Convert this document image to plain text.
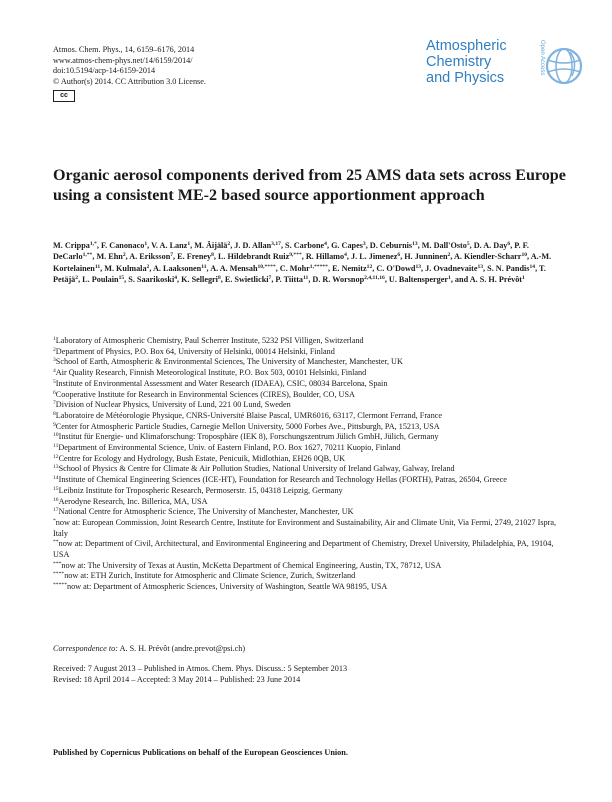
Atmos. Chem. Phys., 14, 6159–6176, 2014
www.atmos-chem-phys.net/14/6159/2014/
doi:10.5194/acp-14-6159-2014
© Author(s) 2014. CC Attribution 3.0 License.
cc
Atmospheric
Chemistry
and Physics
Open Access
Organic aerosol components derived from 25 AMS data sets across Europe using a consistent ME-2 based source apportionment approach
M. Crippa$^{1,*}$, F. Canonaco$^1$, V. A. Lanz$^1$, M. Äijälä$^2$, J. D. Allan$^{3,17}$, S. Carbone$^4$, G. Capes$^3$, D. Ceburnis$^{13}$, M. Dall'Osto$^5$, D. A. Day$^6$, P. F. DeCarlo$^{1,**}$, M. Ehn$^2$, A. Eriksson$^7$, E. Freney$^8$, L. Hildebrandt Ruiz$^{9,***}$, R. Hillamo$^4$, J. L. Jimenez$^6$, H. Junninen$^2$, A. Kiendler-Scharr$^{10}$, A.-M. Kortelainen$^{11}$, M. Kulmala$^2$, A. Laaksonen$^{11}$, A. A. Mensah$^{10,****}$, C. Mohr$^{1,*****}$, E. Nemitz$^{12}$, C. O'Dowd$^{13}$, J. Ovadnevaite$^{13}$, S. N. Pandis$^{14}$, T. Petäjä$^2$, L. Poulain$^{15}$, S. Saarikoski$^4$, K. Sellegri$^8$, E. Swietlicki$^7$, P. Tiitta$^{11}$, D. R. Worsnop$^{2,4,11,16}$, U. Baltensperger$^1$, and A. S. H. Prévôt$^1$
$^1$Laboratory of Atmospheric Chemistry, Paul Scherrer Institute, 5232 PSI Villigen, Switzerland
$^2$Department of Physics, P.O. Box 64, University of Helsinki, 00014 Helsinki, Finland
$^3$School of Earth, Atmospheric & Environmental Sciences, The University of Manchester, Manchester, UK
$^4$Air Quality Research, Finnish Meteorological Institute, P.O. Box 503, 00101 Helsinki, Finland
$^5$Institute of Environmental Assessment and Water Research (IDAEA), CSIC, 08034 Barcelona, Spain
$^6$Cooperative Institute for Research in Environmental Sciences (CIRES), Boulder, CO, USA
$^7$Division of Nuclear Physics, University of Lund, 221 00 Lund, Sweden
$^8$Laboratoire de Météorologie Physique, CNRS-Université Blaise Pascal, UMR6016, 63117, Clermont Ferrand, France
$^9$Center for Atmospheric Particle Studies, Carnegie Mellon University, 5000 Forbes Ave., Pittsburgh, PA, 15213, USA
$^{10}$Institut für Energie- und Klimaforschung: Troposphäre (IEK 8), Forschungszentrum Jülich GmbH, Jülich, Germany
$^{11}$Department of Environmental Science, Univ. of Eastern Finland, P.O. Box 1627, 70211 Kuopio, Finland
$^{12}$Centre for Ecology and Hydrology, Bush Estate, Penicuik, Midlothian, EH26 0QB, UK
$^{13}$School of Physics & Centre for Climate & Air Pollution Studies, National University of Ireland Galway, Galway, Ireland
$^{14}$Institute of Chemical Engineering Sciences (ICE-HT), Foundation for Research and Technology Hellas (FORTH), Patras, 26504, Greece
$^{15}$Leibniz Institute for Tropospheric Research, Permoserstr. 15, 04318 Leipzig, Germany
$^{16}$Aerodyne Research, Inc. Billerica, MA, USA
$^{17}$National Centre for Atmospheric Science, The University of Manchester, Manchester, UK
*now at: European Commission, Joint Research Centre, Institute for Environment and Sustainability, Air and Climate Unit, Via Fermi, 2749, 21027 Ispra, Italy
**now at: Department of Civil, Architectural, and Environmental Engineering and Department of Chemistry, Drexel University, Philadelphia, PA, 19104, USA
***now at: The University of Texas at Austin, McKetta Department of Chemical Engineering, Austin, TX, 78712, USA
****now at: ETH Zurich, Institute for Atmospheric and Climate Science, Zurich, Switzerland
*****now at: Department of Atmospheric Sciences, University of Washington, Seattle WA 98195, USA
Correspondence to: A. S. H. Prévôt (andre.prevot@psi.ch)
Received: 7 August 2013 – Published in Atmos. Chem. Phys. Discuss.: 5 September 2013
Revised: 18 April 2014 – Accepted: 3 May 2014 – Published: 23 June 2014
Published by Copernicus Publications on behalf of the European Geosciences Union.
